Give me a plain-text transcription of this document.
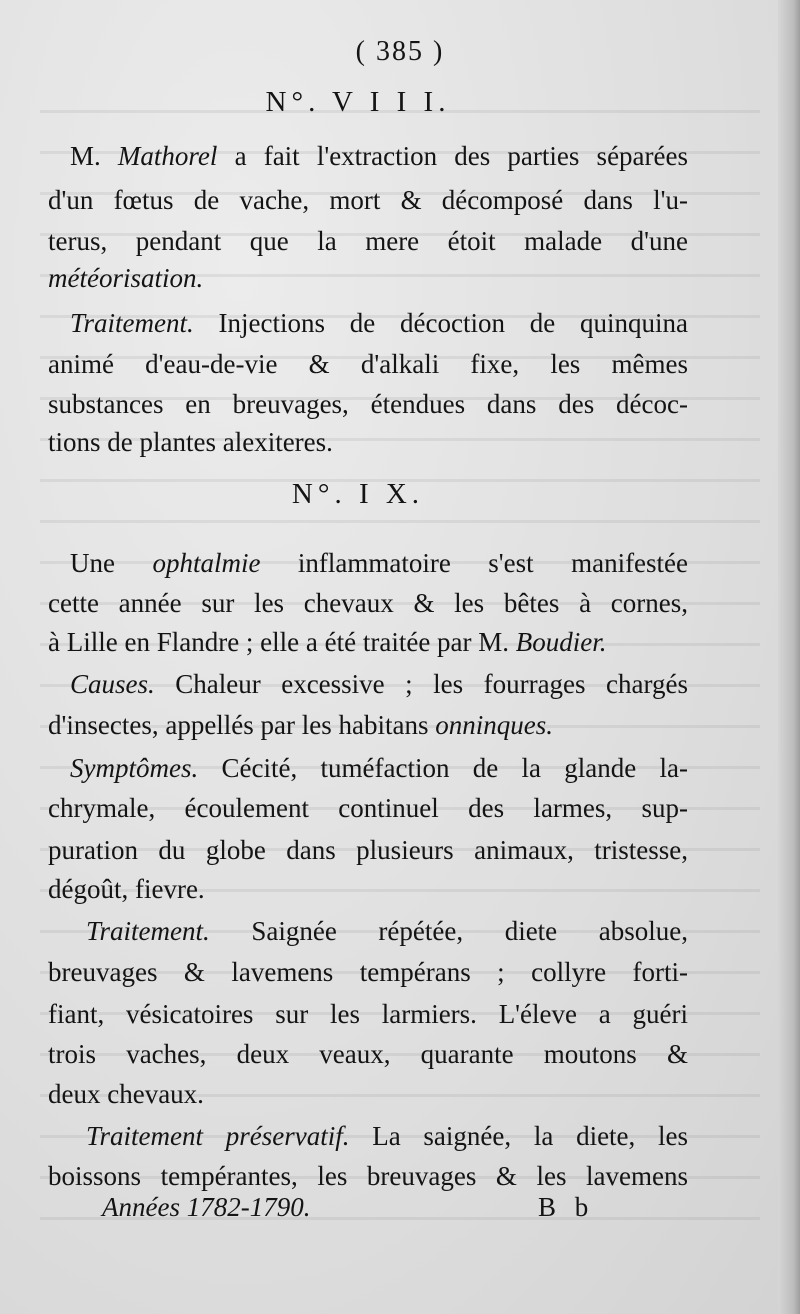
( 385 )
N°. V I I I.
M. Mathorel a fait l'extraction des parties séparées
d'un fœtus de vache, mort & décomposé dans l'u-
terus, pendant que la mere étoit malade d'une
météorisation.
Traitement. Injections de décoction de quinquina
animé d'eau-de-vie & d'alkali fixe, les mêmes
substances en breuvages, étendues dans des décoc-
tions de plantes alexiteres.
N°. I X.
Une ophtalmie inflammatoire s'est manifestée
cette année sur les chevaux & les bêtes à cornes,
à Lille en Flandre ; elle a été traitée par M. Boudier.
Causes. Chaleur excessive ; les fourrages chargés
d'insectes, appellés par les habitans onninques.
Symptômes. Cécité, tuméfaction de la glande la-
chrymale, écoulement continuel des larmes, sup-
puration du globe dans plusieurs animaux, tristesse,
dégoût, fievre.
Traitement. Saignée répétée, diete absolue,
breuvages & lavemens tempérans ; collyre forti-
fiant, vésicatoires sur les larmiers. L'éleve a guéri
trois vaches, deux veaux, quarante moutons &
deux chevaux.
Traitement préservatif. La saignée, la diete, les
boissons tempérantes, les breuvages & les lavemens
Années 1782-1790.	B b
